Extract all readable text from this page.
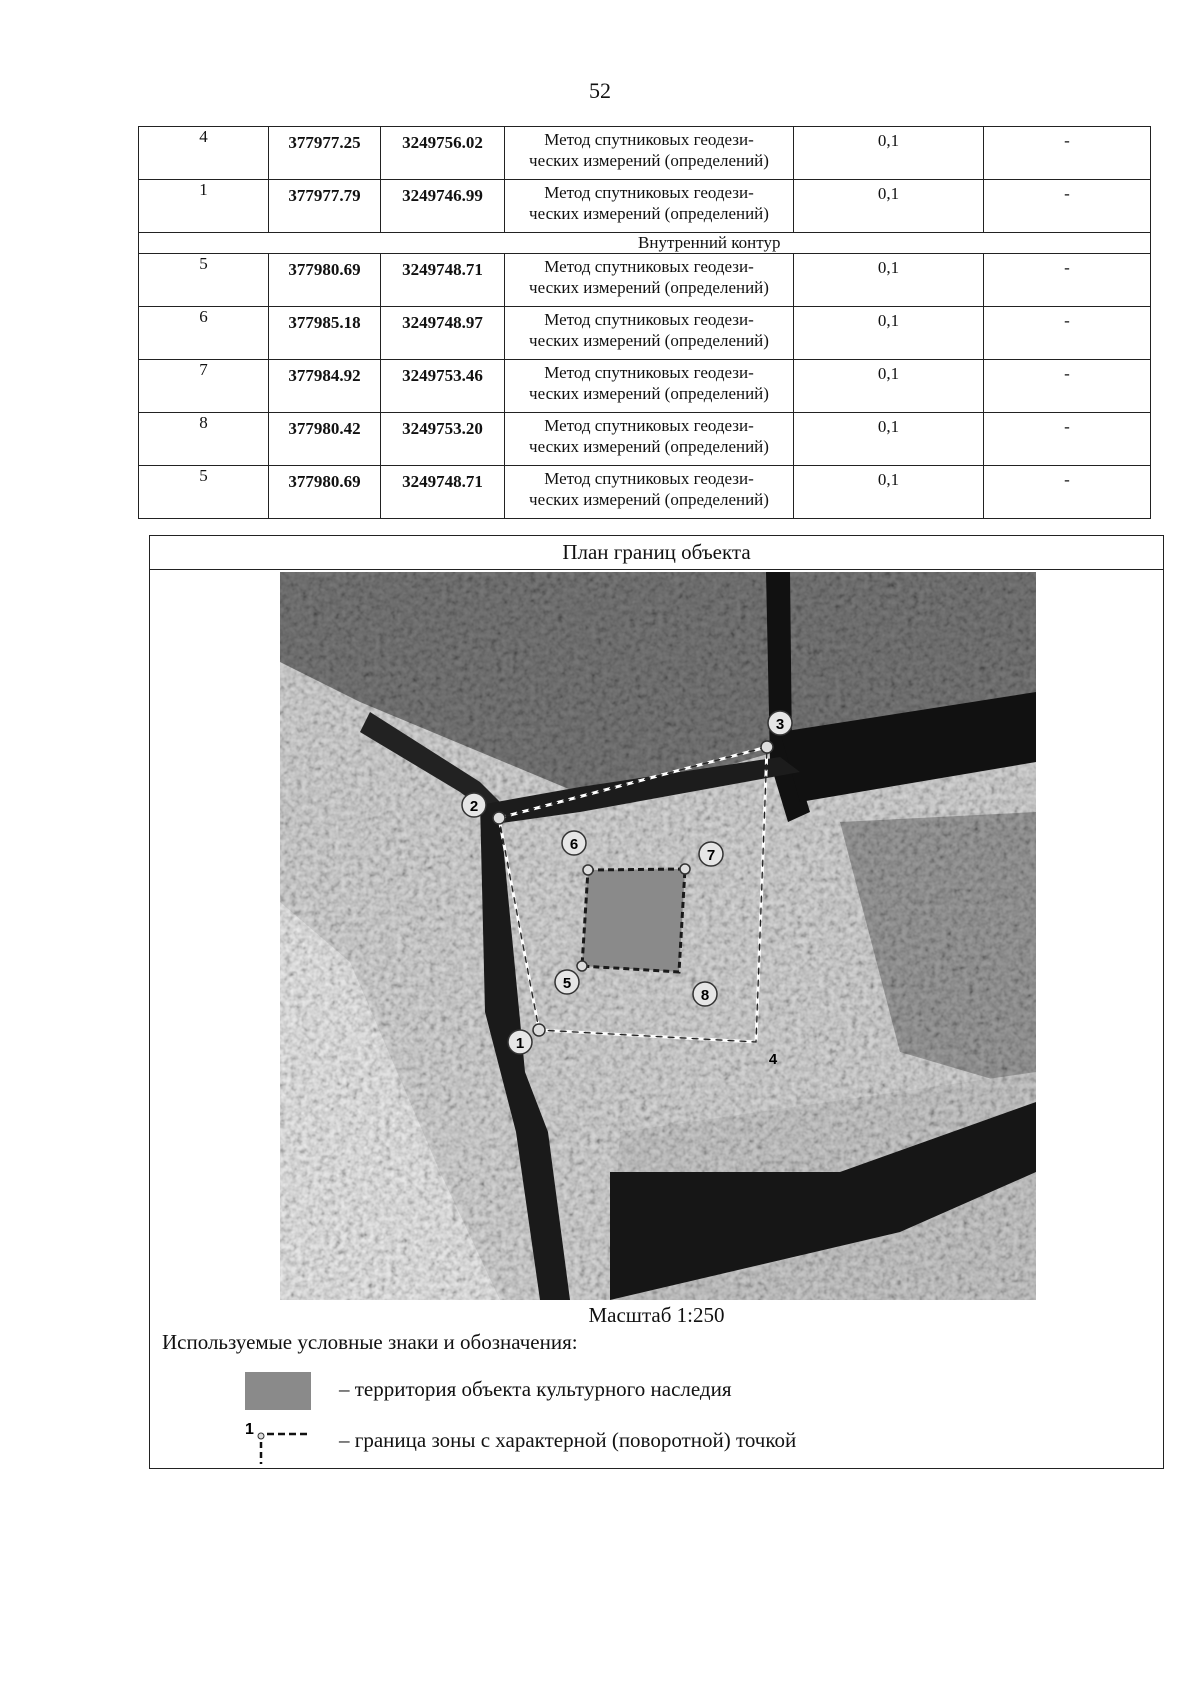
52
4	377977.25	3249756.02	Метод спутниковых геодези-
ческих измерений (определений)	0,1	-
1	377977.79	3249746.99	Метод спутниковых геодези-
ческих измерений (определений)	0,1	-
	Внутренний контур				
5	377980.69	3249748.71	Метод спутниковых геодези-
ческих измерений (определений)	0,1	-
6	377985.18	3249748.97	Метод спутниковых геодези-
ческих измерений (определений)	0,1	-
7	377984.92	3249753.46	Метод спутниковых геодези-
ческих измерений (определений)	0,1	-
8	377980.42	3249753.20	Метод спутниковых геодези-
ческих измерений (определений)	0,1	-
5	377980.69	3249748.71	Метод спутниковых геодези-
ческих измерений (определений)	0,1	-
План границ объекта
1
2
3
4
5
6
7
8
Масштаб 1:250
Используемые условные знаки и обозначения:
– территория объекта культурного наследия
1	– граница зоны с характерной (поворотной) точкой
